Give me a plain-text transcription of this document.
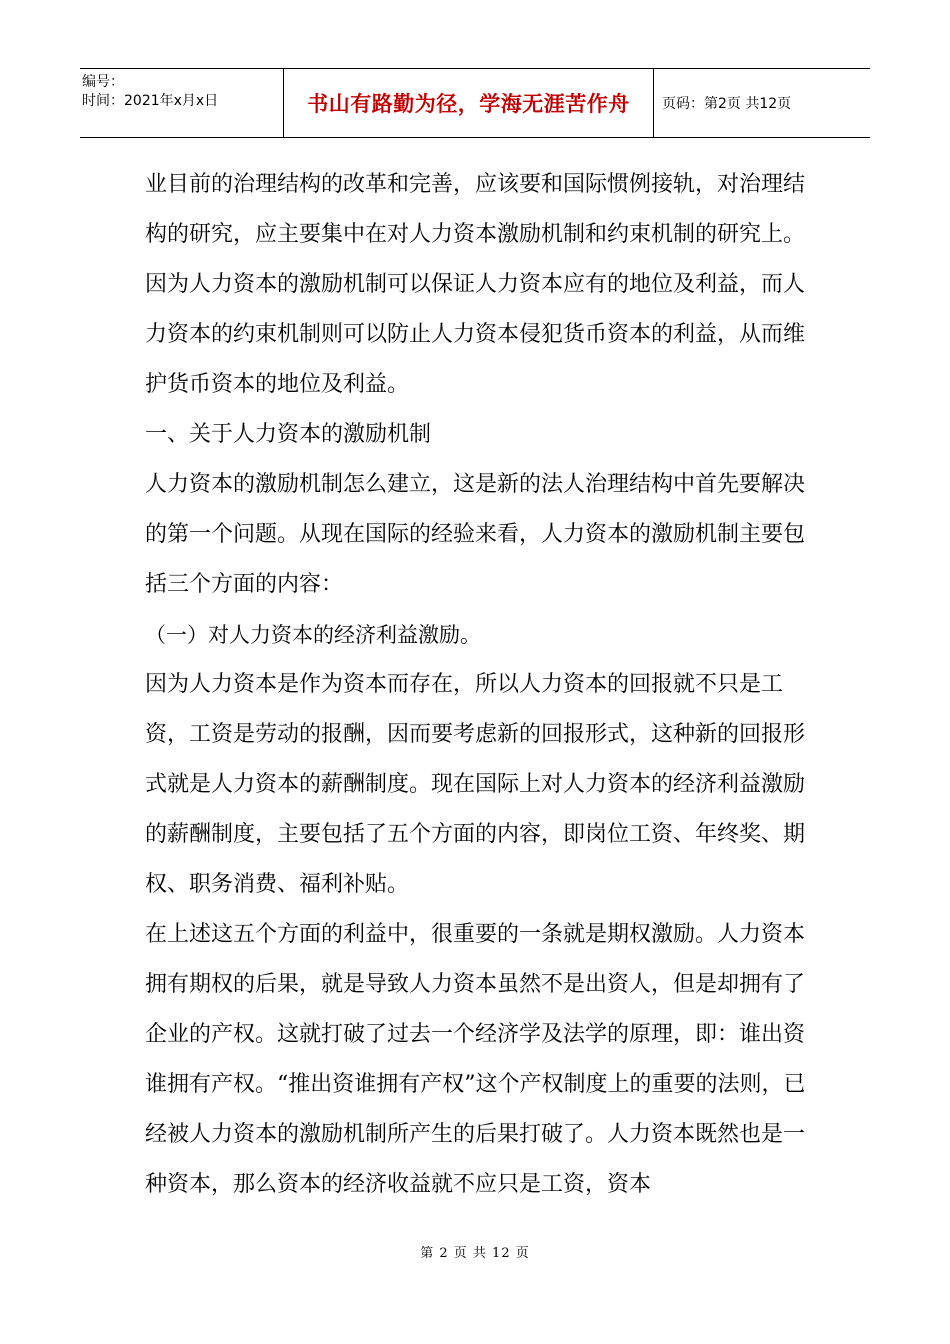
编号：
时间：2021年x月x日	书山有路勤为径，学海无涯苦作舟 页码：第2页 共12页

业目前的治理结构的改革和完善，应该要和国际惯例接轨，对治理结构的研究，应主要集中在对人力资本激励机制和约束机制的研究上。因为人力资本的激励机制可以保证人力资本应有的地位及利益，而人力资本的约束机制则可以防止人力资本侵犯货币资本的利益，从而维护货币资本的地位及利益。

一、关于人力资本的激励机制

人力资本的激励机制怎么建立，这是新的法人治理结构中首先要解决的第一个问题。从现在国际的经验来看，人力资本的激励机制主要包括三个方面的内容：

（一）对人力资本的经济利益激励。

因为人力资本是作为资本而存在，所以人力资本的回报就不只是工资，工资是劳动的报酬，因而要考虑新的回报形式，这种新的回报形式就是人力资本的薪酬制度。现在国际上对人力资本的经济利益激励的薪酬制度，主要包括了五个方面的内容，即岗位工资、年终奖、期权、职务消费、福利补贴。

在上述这五个方面的利益中，很重要的一条就是期权激励。人力资本拥有期权的后果，就是导致人力资本虽然不是出资人，但是却拥有了企业的产权。这就打破了过去一个经济学及法学的原理，即：谁出资谁拥有产权。“推出资谁拥有产权”这个产权制度上的重要的法则，已经被人力资本的激励机制所产生的后果打破了。人力资本既然也是一种资本，那么资本的经济收益就不应只是工资，资本

第 2 页 共 12 页
